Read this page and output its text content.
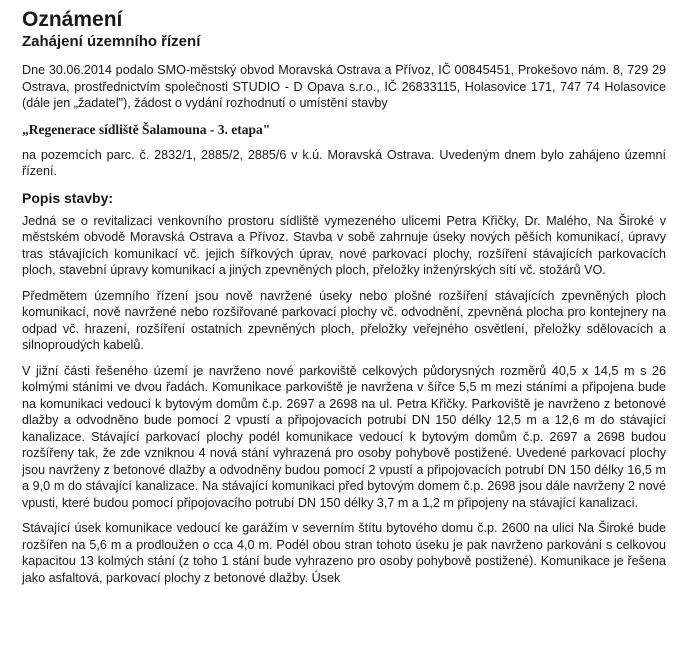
Oznámení
Zahájení územního řízení

Dne 30.06.2014 podalo SMO-městský obvod Moravská Ostrava a Přívoz, IČ 00845451, Prokešovo nám. 8, 729 29 Ostrava, prostřednictvím společnosti STUDIO - D Opava s.r.o., IČ 26833115, Holasovice 171, 747 74 Holasovice (dále jen „žadatel"), žádost o vydání rozhodnutí o umístění stavby

„Regenerace sídliště Šalamouna - 3. etapa"

na pozemcích parc. č. 2832/1, 2885/2, 2885/6 v k.ú. Moravská Ostrava. Uvedeným dnem bylo zahájeno územní řízení.

Popis stavby:

Jedná se o revitalizaci venkovního prostoru sídliště vymezeného ulicemi Petra Křičky, Dr. Malého, Na Široké v městském obvodě Moravská Ostrava a Přívoz. Stavba v sobě zahrnuje úseky nových pěších komunikací, úpravy tras stávajících komunikací vč. jejich šířkových úprav, nové parkovací plochy, rozšíření stávajících parkovacích ploch, stavební úpravy komunikací a jiných zpevněných ploch, přeložky inženýrských sítí vč. stožárů VO.

Předmětem územního řízení jsou nově navržené úseky nebo plošné rozšíření stávajících zpevněných ploch komunikací, nově navržené nebo rozšiřované parkovací plochy vč. odvodnění, zpevněná plocha pro kontejnery na odpad vč. hrazení, rozšíření ostatních zpevněných ploch, přeložky veřejného osvětlení, přeložky sdělovacích a silnoproudých kabelů.

V jižní části řešeného území je navrženo nové parkoviště celkových půdorysných rozměrů 40,5 x 14,5 m s 26 kolmými stáními ve dvou řadách. Komunikace parkoviště je navržena v šířce 5,5 m mezi stáními a připojena bude na komunikaci vedoucí k bytovým domům č.p. 2697 a 2698 na ul. Petra Křičky. Parkoviště je navrženo z betonové dlažby a odvodněno bude pomocí 2 vpustí a připojovacích potrubí DN 150 délky 12,5 m a 12,6 m do stávající kanalizace. Stávající parkovací plochy podél komunikace vedoucí k bytovým domům č.p. 2697 a 2698 budou rozšířeny tak, že zde vzniknou 4 nová stání vyhrazená pro osoby pohybově postižené. Uvedené parkovací plochy jsou navrženy z betonové dlažby a odvodněny budou pomocí 2 vpustí a připojovacích potrubí DN 150 délky 16,5 m a 9,0 m do stávající kanalizace. Na stávající komunikaci před bytovým domem č.p. 2698 jsou dále navrženy 2 nové vpusti, které budou pomocí připojovacího potrubí DN 150 délky 3,7 m a 1,2 m připojeny na stávající kanalizaci.

Stávající úsek komunikace vedoucí ke garážím v severním štítu bytového domu č.p. 2600 na ulici Na Široké bude rozšířen na 5,6 m a prodloužen o cca 4,0 m. Podél obou stran tohoto úseku je pak navrženo parkování s celkovou kapacitou 13 kolmých stání (z toho 1 stání bude vyhrazeno pro osoby pohybově postižené). Komunikace je řešena jako asfaltová, parkovací plochy z betonové dlažby. Úsek
